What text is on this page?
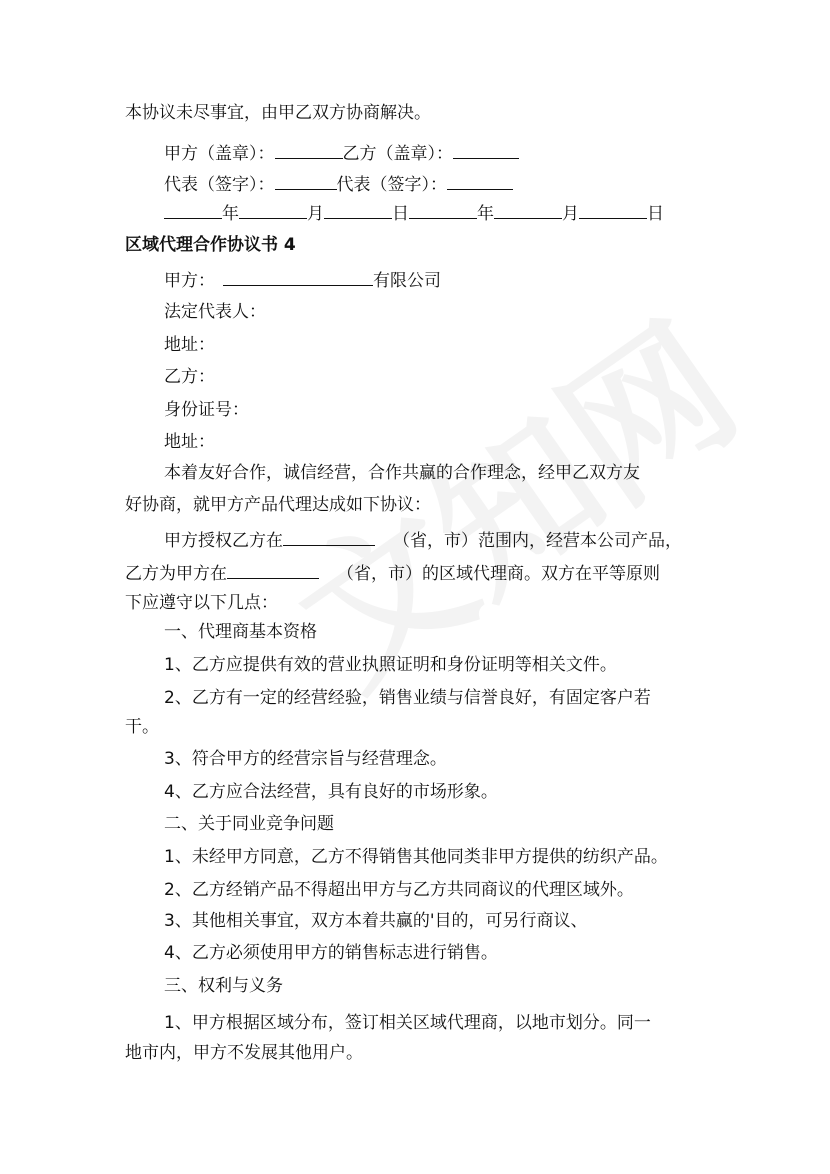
本协议未尽事宜，由甲乙双方协商解决。
甲方（盖章）：	乙方（盖章）：
代表（签字）：	代表（签字）：
年	月	日	年	月	日
区域代理合作协议书 4
甲方：	有限公司
法定代表人：
地址：
乙方：
身份证号：
地址：
本着友好合作，诚信经营，合作共赢的合作理念，经甲乙双方友
好协商，就甲方产品代理达成如下协议：
甲方授权乙方在	（省，市）范围内，经营本公司产品，
乙方为甲方在	（省，市）的区域代理商。双方在平等原则
下应遵守以下几点：
一、代理商基本资格
1、乙方应提供有效的营业执照证明和身份证明等相关文件。
2、乙方有一定的经营经验，销售业绩与信誉良好，有固定客户若
干。
3、符合甲方的经营宗旨与经营理念。
4、乙方应合法经营，具有良好的市场形象。
二、关于同业竞争问题
1、未经甲方同意，乙方不得销售其他同类非甲方提供的纺织产品。
2、乙方经销产品不得超出甲方与乙方共同商议的代理区域外。
3、其他相关事宜，双方本着共赢的'目的，可另行商议、
4、乙方必须使用甲方的销售标志进行销售。
三、权利与义务
1、甲方根据区域分布，签订相关区域代理商，以地市划分。同一
地市内，甲方不发展其他用户。
